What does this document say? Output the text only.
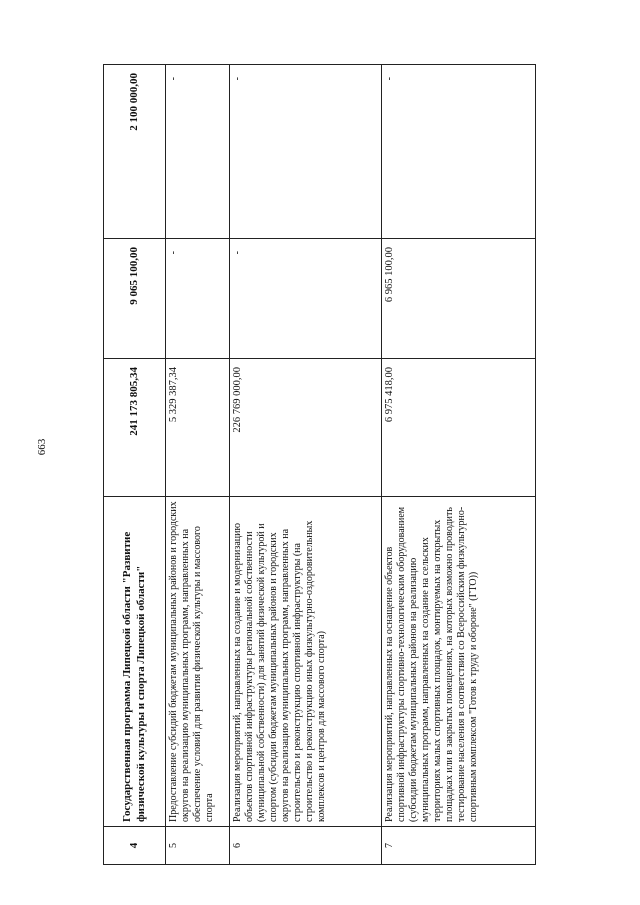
663
4	Государственная программа Липецкой области "Развитие физической культуры и спорта Липецкой области"	241 173 805,34	9 065 100,00	2 100 000,00
5	Предоставление субсидий бюджетам муниципальных районов и городских округов на реализацию муниципальных программ, направленных на обеспечение условий для развития физической культуры и массового спорта	5 329 387,34	-	-
6	Реализация мероприятий, направленных на создание и модернизацию объектов спортивной инфраструктуры региональной собственности (муниципальной собственности) для занятий физической культурой и спортом (субсидии бюджетам муниципальных районов и городских округов на реализацию муниципальных программ, направленных на строительство и реконструкцию спортивной инфраструктуры (на строительство и реконструкцию иных физкультурно-оздоровительных комплексов и центров для массового спорта)	226 769 000,00	-	-
7	Реализация мероприятий, направленных на оснащение объектов спортивной инфраструктуры спортивно-технологическим оборудованием (субсидии бюджетам муниципальных районов на реализацию муниципальных программ, направленных на создание на сельских территориях малых спортивных площадок, монтируемых на открытых площадках или в закрытых помещениях, на которых возможно проводить тестирование населения в соответствии со Всероссийским физкультурно-спортивным комплексом "Готов к труду и обороне" (ГТО))	6 975 418,00	6 965 100,00	-
